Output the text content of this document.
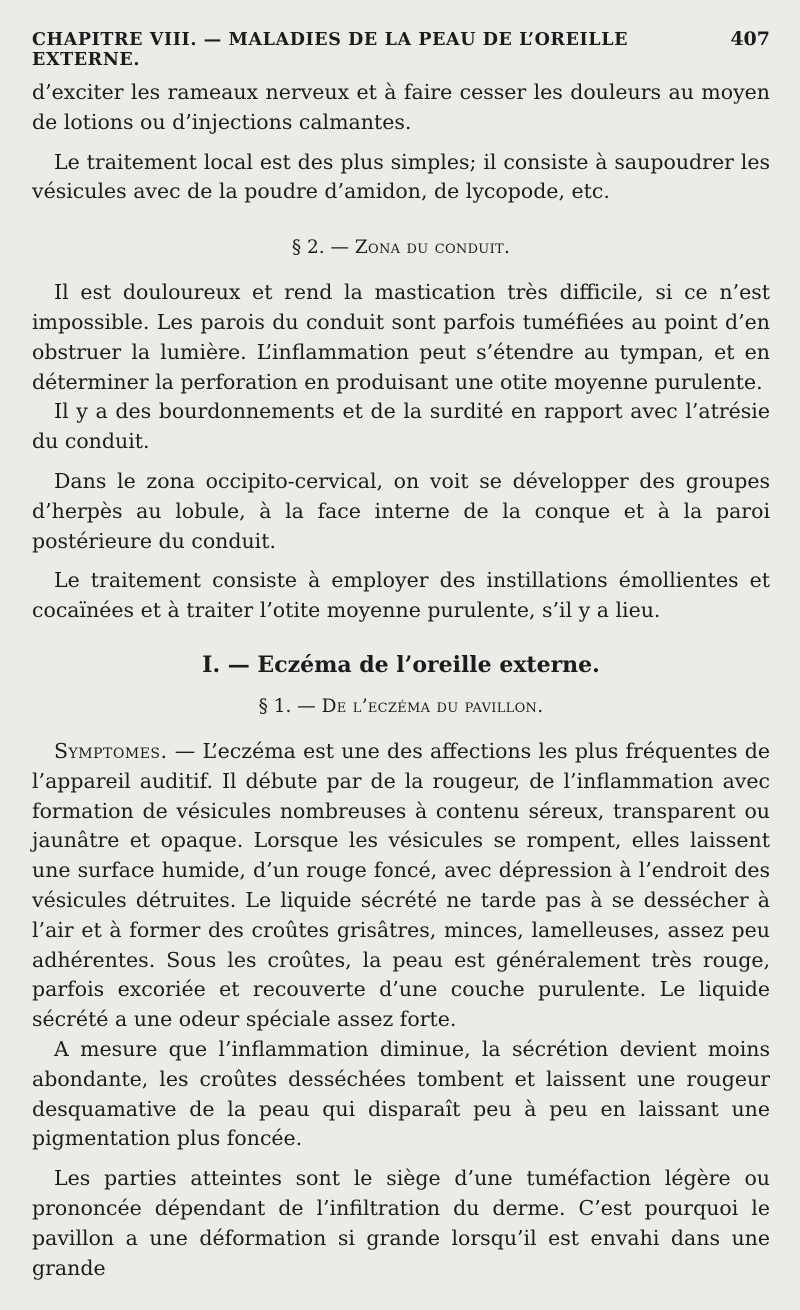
CHAPITRE VIII. — MALADIES DE LA PEAU DE L’OREILLE EXTERNE.
407

d’exciter les rameaux nerveux et à faire cesser les douleurs au moyen de lotions ou d’injections calmantes.

Le traitement local est des plus simples; il consiste à saupoudrer les vésicules avec de la poudre d’amidon, de lycopode, etc.

§ 2. — Zona du conduit.

Il est douloureux et rend la mastication très difficile, si ce n’est impossible. Les parois du conduit sont parfois tuméfiées au point d’en obstruer la lumière. L’inflammation peut s’étendre au tympan, et en déterminer la perforation en produisant une otite moyenne purulente.

Il y a des bourdonnements et de la surdité en rapport avec l’atrésie du conduit.

Dans le zona occipito-cervical, on voit se développer des groupes d’herpès au lobule, à la face interne de la conque et à la paroi postérieure du conduit.

Le traitement consiste à employer des instillations émollientes et cocaïnées et à traiter l’otite moyenne purulente, s’il y a lieu.

I. — Eczéma de l’oreille externe.
§ 1. — De l’eczéma du pavillon.

Symptomes. — L’eczéma est une des affections les plus fréquentes de l’appareil auditif. Il débute par de la rougeur, de l’inflammation avec formation de vésicules nombreuses à contenu séreux, transparent ou jaunâtre et opaque. Lorsque les vésicules se rompent, elles laissent une surface humide, d’un rouge foncé, avec dépression à l’endroit des vésicules détruites. Le liquide sécrété ne tarde pas à se dessécher à l’air et à former des croûtes grisâtres, minces, lamelleuses, assez peu adhérentes. Sous les croûtes, la peau est généralement très rouge, parfois excoriée et recouverte d’une couche purulente. Le liquide sécrété a une odeur spéciale assez forte.

A mesure que l’inflammation diminue, la sécrétion devient moins abondante, les croûtes desséchées tombent et laissent une rougeur desquamative de la peau qui disparaît peu à peu en laissant une pigmentation plus foncée.

Les parties atteintes sont le siège d’une tuméfaction légère ou prononcée dépendant de l’infiltration du derme. C’est pourquoi le pavillon a une déformation si grande lorsqu’il est envahi dans une grande
